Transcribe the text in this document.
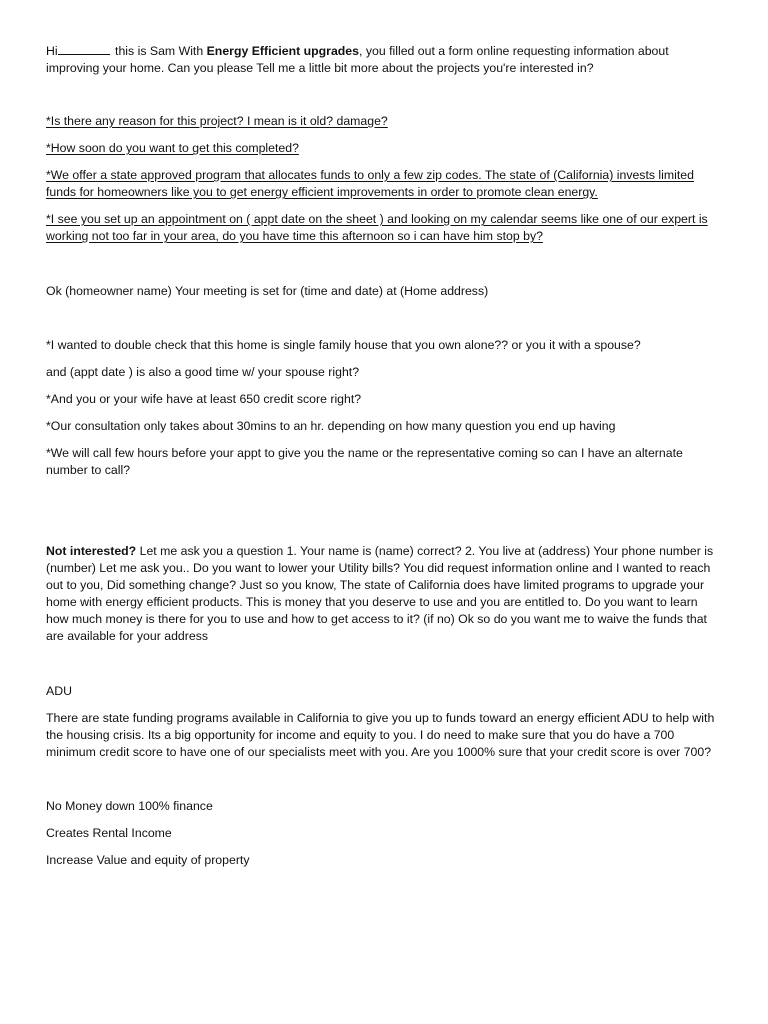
Hi	this is Sam With Energy Efficient upgrades, you filled out a form online requesting information about improving your home. Can you please Tell me a little bit more about the projects you're interested in?

*Is there any reason for this project? I mean is it old? damage?

*How soon do you want to get this completed?

*We offer a state approved program that allocates funds to only a few zip codes. The state of (California) invests limited funds for homeowners like you to get energy efficient improvements in order to promote clean energy.

*I see you set up an appointment on ( appt date on the sheet ) and looking on my calendar seems like one of our expert is working not too far in your area, do you have time this afternoon so i can have him stop by?

Ok (homeowner name) Your meeting is set for (time and date) at (Home address)

*I wanted to double check that this home is single family house that you own alone?? or you it with a spouse?

and (appt date ) is also a good time w/ your spouse right?

*And you or your wife have at least 650 credit score right?

*Our consultation only takes about 30mins to an hr. depending on how many question you end up having

*We will call few hours before your appt to give you the name or the representative coming so can I have an alternate number to call?

Not interested? Let me ask you a question 1. Your name is (name) correct? 2. You live at (address) Your phone number is (number) Let me ask you.. Do you want to lower your Utility bills? You did request information online and I wanted to reach out to you, Did something change? Just so you know, The state of California does have limited programs to upgrade your home with energy efficient products. This is money that you deserve to use and you are entitled to. Do you want to learn how much money is there for you to use and how to get access to it? (if no) Ok so do you want me to waive the funds that are available for your address

ADU

There are state funding programs available in California to give you up to funds toward an energy efficient ADU to help with the housing crisis. Its a big opportunity for income and equity to you. I do need to make sure that you do have a 700 minimum credit score to have one of our specialists meet with you. Are you 1000% sure that your credit score is over 700?

No Money down 100% finance

Creates Rental Income

Increase Value and equity of property
